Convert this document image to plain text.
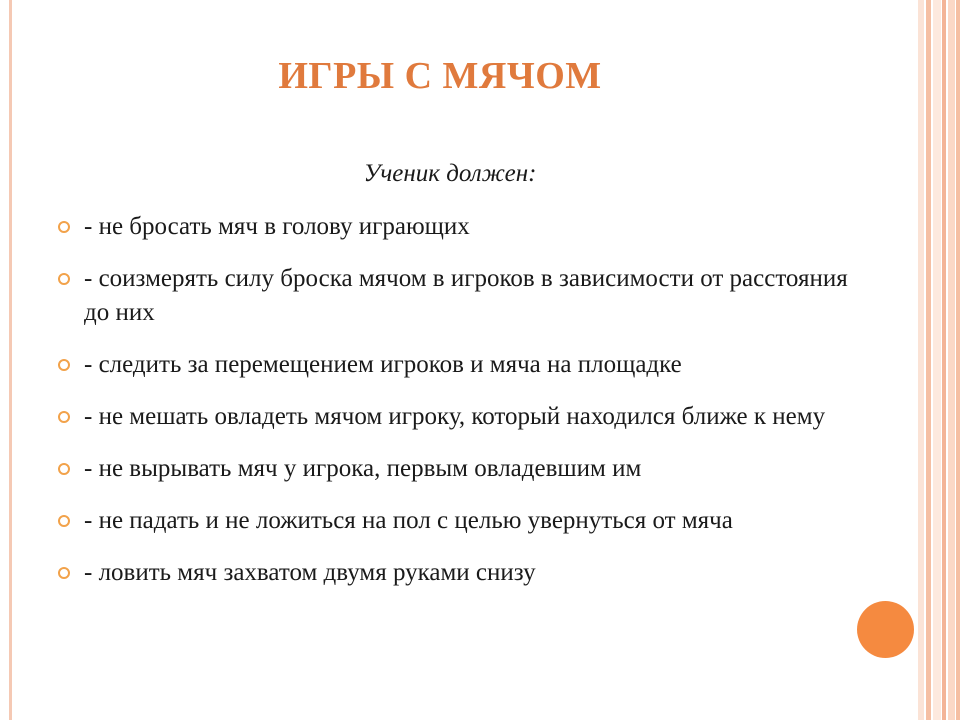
ИГРЫ С МЯЧОМ
Ученик должен:
- не бросать мяч в голову играющих
- соизмерять силу броска мячом в игроков в зависимости от расстояния до них
- следить за перемещением игроков и мяча на площадке
- не мешать овладеть мячом игроку, который находился ближе к нему
- не вырывать мяч у игрока, первым овладевшим им
- не падать и не ложиться на пол с целью увернуться от мяча
- ловить мяч захватом двумя руками снизу
